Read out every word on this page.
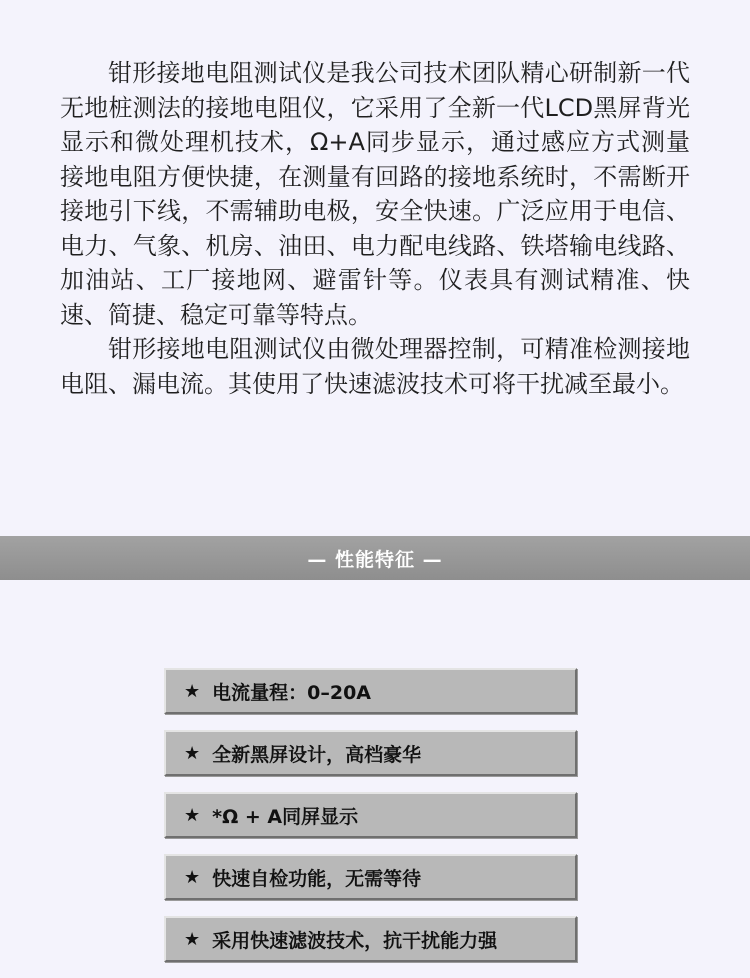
钳形接地电阻测试仪是我公司技术团队精心研制新一代无地桩测法的接地电阻仪，它采用了全新一代LCD黑屏背光显示和微处理机技术，Ω+A同步显示，通过感应方式测量接地电阻方便快捷，在测量有回路的接地系统时，不需断开接地引下线，不需辅助电极，安全快速。广泛应用于电信、电力、气象、机房、油田、电力配电线路、铁塔输电线路、加油站、工厂接地网、避雷针等。仪表具有测试精准、快速、简捷、稳定可靠等特点。

钳形接地电阻测试仪由微处理器控制，可精准检测接地电阻、漏电流。其使用了快速滤波技术可将干扰减至最小。

— 性能特征 —
★ 电流量程：0–20A
★ 全新黑屏设计，高档豪华
★ *Ω + A同屏显示
★ 快速自检功能，无需等待
★ 采用快速滤波技术，抗干扰能力强
